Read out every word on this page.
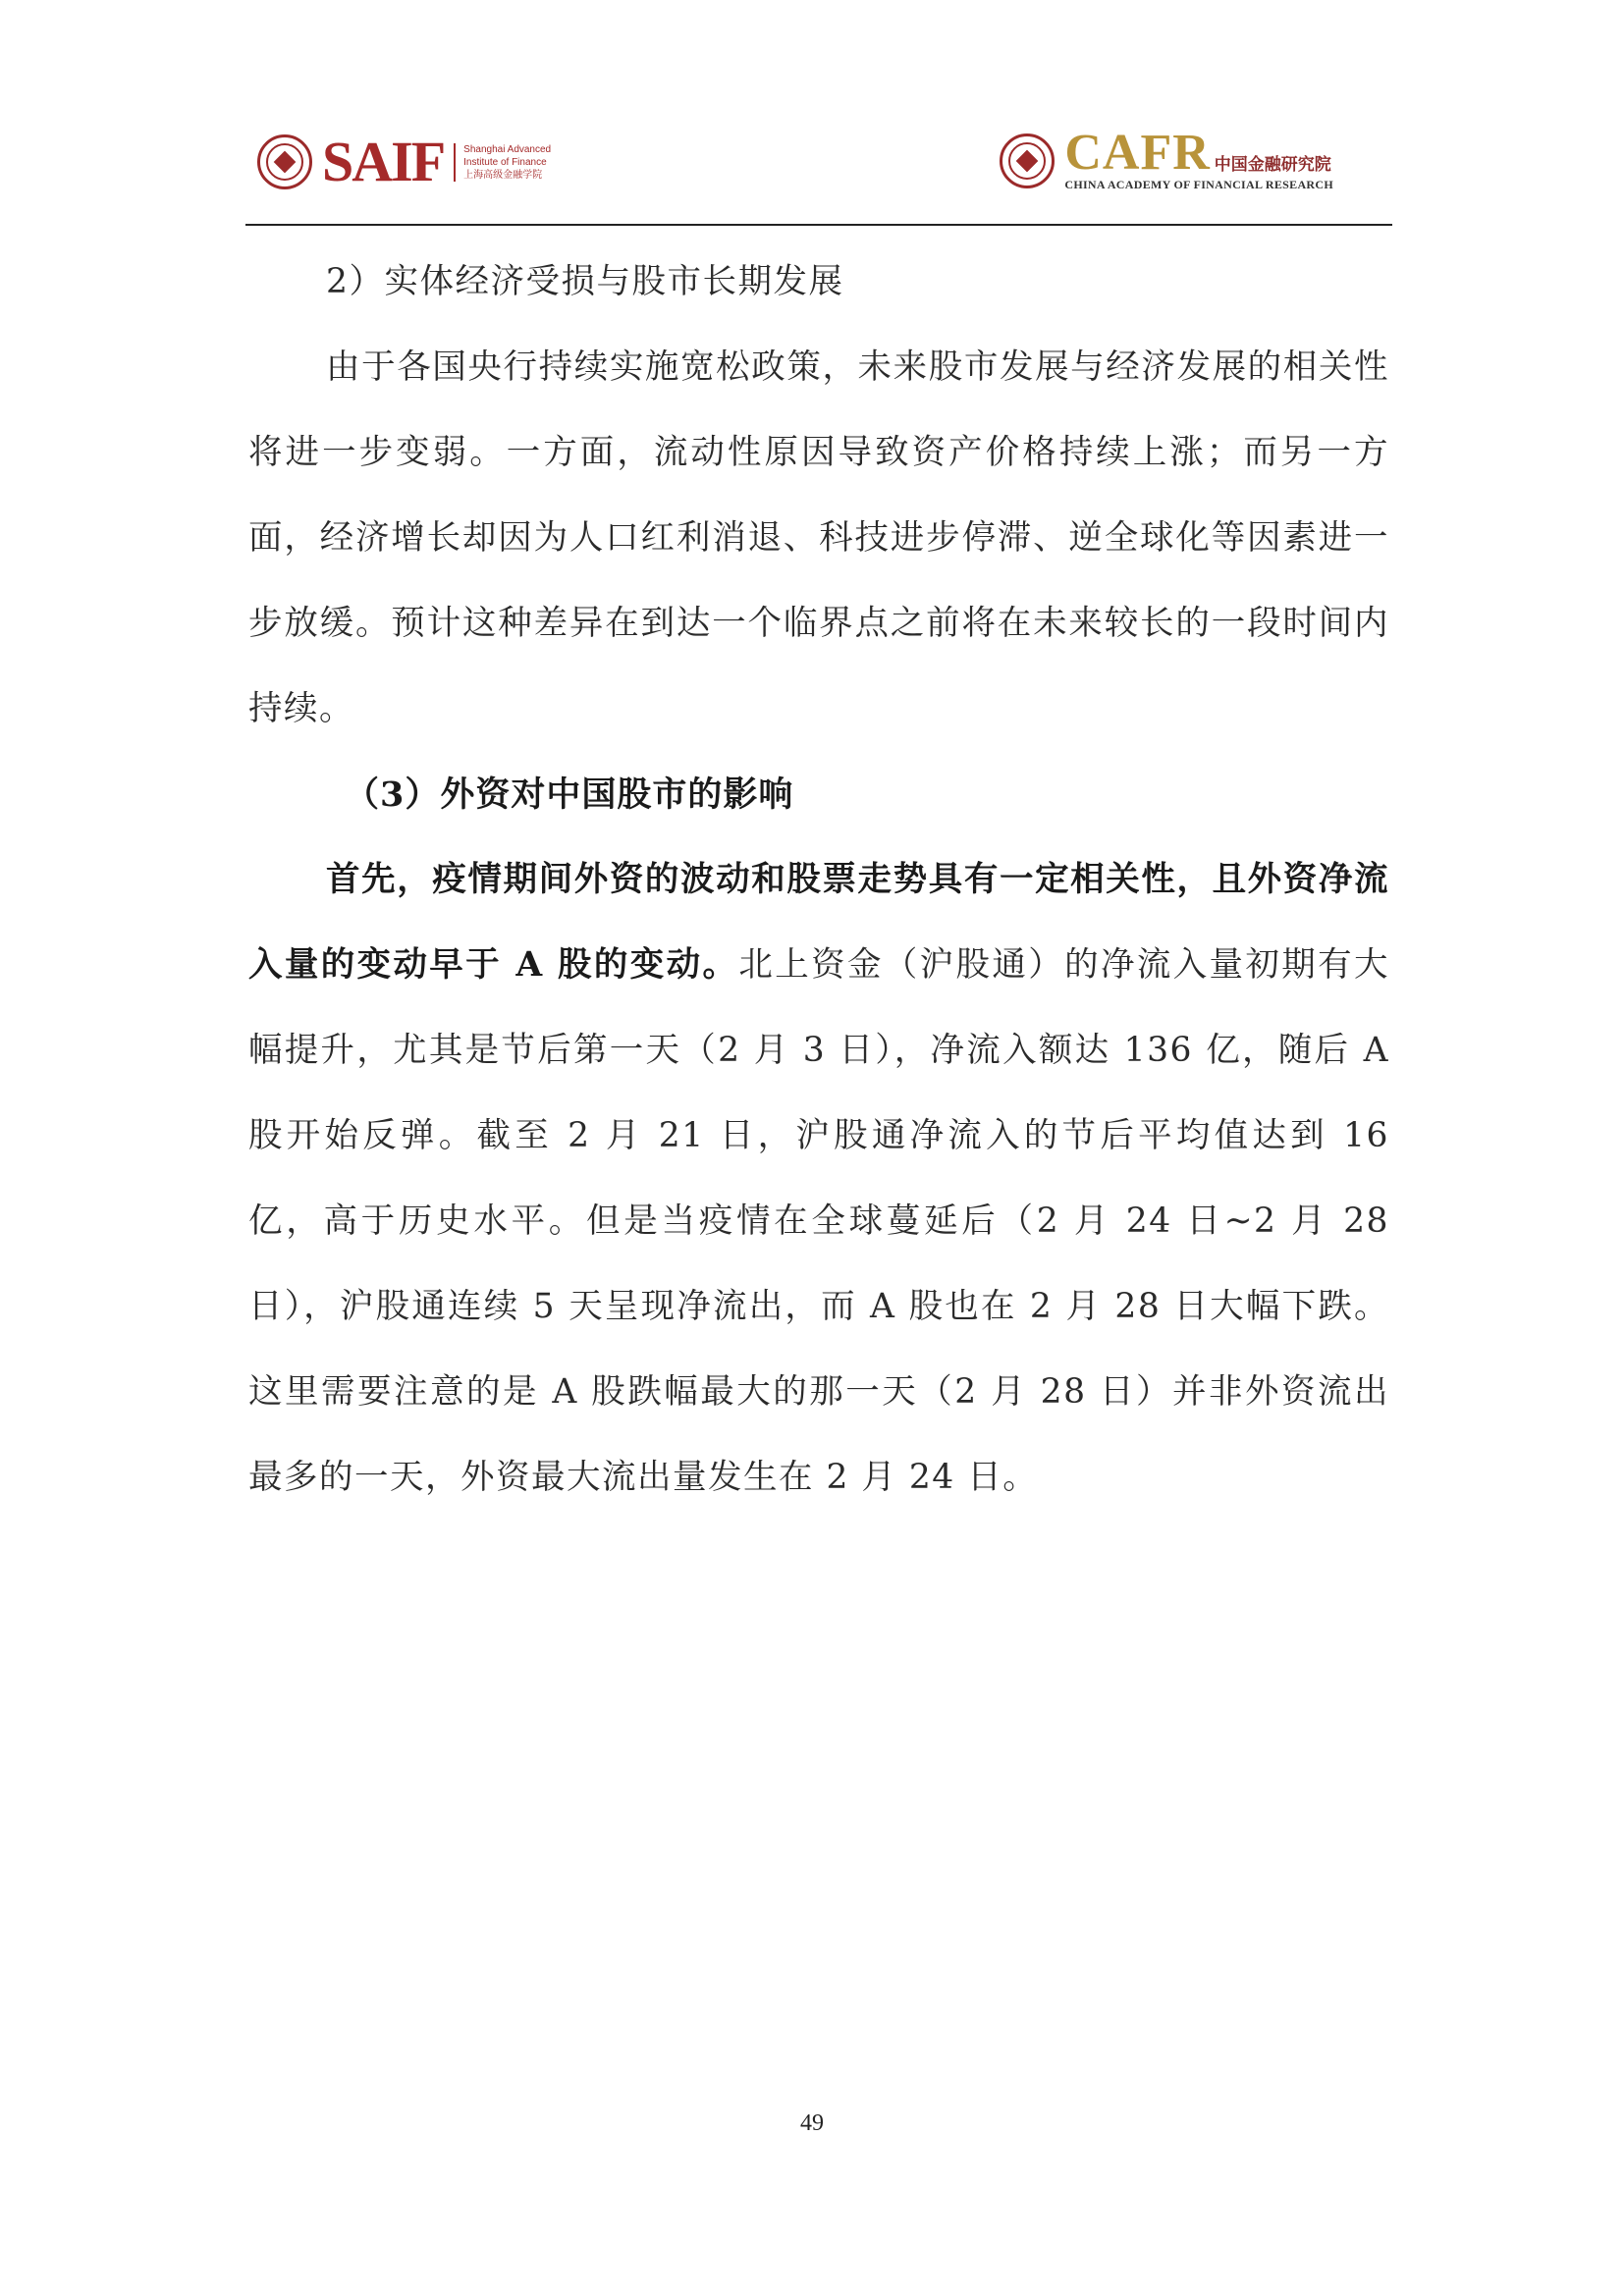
SAIF Shanghai Advanced
Institute of Finance
上海高级金融学院	CAFR 中国金融研究院
CHINA ACADEMY OF FINANCIAL RESEARCH

2）实体经济受损与股市长期发展

由于各国央行持续实施宽松政策，未来股市发展与经济发展的相关性将进一步变弱。一方面，流动性原因导致资产价格持续上涨；而另一方面，经济增长却因为人口红利消退、科技进步停滞、逆全球化等因素进一步放缓。预计这种差异在到达一个临界点之前将在未来较长的一段时间内持续。

（3）外资对中国股市的影响

首先，疫情期间外资的波动和股票走势具有一定相关性，且外资净流入量的变动早于 A 股的变动。北上资金（沪股通）的净流入量初期有大幅提升，尤其是节后第一天（2 月 3 日），净流入额达 136 亿，随后 A 股开始反弹。截至 2 月 21 日，沪股通净流入的节后平均值达到 16 亿，高于历史水平。但是当疫情在全球蔓延后（2 月 24 日~2 月 28 日），沪股通连续 5 天呈现净流出，而 A 股也在 2 月 28 日大幅下跌。这里需要注意的是 A 股跌幅最大的那一天（2 月 28 日）并非外资流出最多的一天，外资最大流出量发生在 2 月 24 日。

49
